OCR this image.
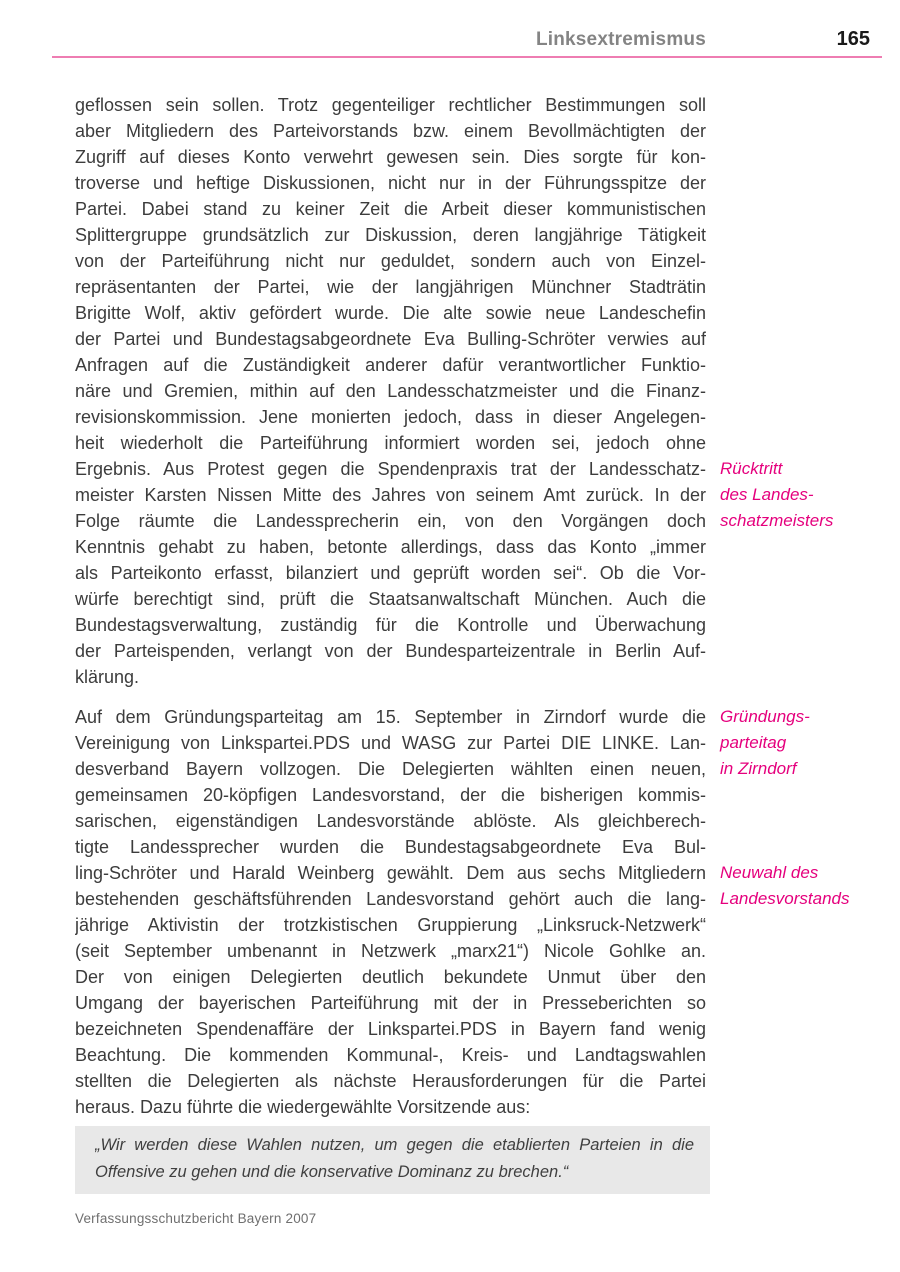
Linksextremismus	165
geflossen sein sollen. Trotz gegenteiliger rechtlicher Bestimmungen soll
aber Mitgliedern des Parteivorstands bzw. einem Bevollmächtigten der
Zugriff auf dieses Konto verwehrt gewesen sein. Dies sorgte für kon-
troverse und heftige Diskussionen, nicht nur in der Führungsspitze der
Partei. Dabei stand zu keiner Zeit die Arbeit dieser kommunistischen
Splittergruppe grundsätzlich zur Diskussion, deren langjährige Tätigkeit
von der Parteiführung nicht nur geduldet, sondern auch von Einzel-
repräsentanten der Partei, wie der langjährigen Münchner Stadträtin
Brigitte Wolf, aktiv gefördert wurde. Die alte sowie neue Landeschefin
der Partei und Bundestagsabgeordnete Eva Bulling-Schröter verwies auf
Anfragen auf die Zuständigkeit anderer dafür verantwortlicher Funktio-
näre und Gremien, mithin auf den Landesschatzmeister und die Finanz-
revisionskommission. Jene monierten jedoch, dass in dieser Angelegen-
heit wiederholt die Parteiführung informiert worden sei, jedoch ohne
Ergebnis. Aus Protest gegen die Spendenpraxis trat der Landesschatz-
meister Karsten Nissen Mitte des Jahres von seinem Amt zurück. In der
Folge räumte die Landessprecherin ein, von den Vorgängen doch
Kenntnis gehabt zu haben, betonte allerdings, dass das Konto „immer
als Parteikonto erfasst, bilanziert und geprüft worden sei“. Ob die Vor-
würfe berechtigt sind, prüft die Staatsanwaltschaft München. Auch die
Bundestagsverwaltung, zuständig für die Kontrolle und Überwachung
der Parteispenden, verlangt von der Bundesparteizentrale in Berlin Auf-
klärung.
Auf dem Gründungsparteitag am 15. September in Zirndorf wurde die
Vereinigung von Linkspartei.PDS und WASG zur Partei DIE LINKE. Lan-
desverband Bayern vollzogen. Die Delegierten wählten einen neuen,
gemeinsamen 20-köpfigen Landesvorstand, der die bisherigen kommis-
sarischen, eigenständigen Landesvorstände ablöste. Als gleichberech-
tigte Landessprecher wurden die Bundestagsabgeordnete Eva Bul-
ling-Schröter und Harald Weinberg gewählt. Dem aus sechs Mitgliedern
bestehenden geschäftsführenden Landesvorstand gehört auch die lang-
jährige Aktivistin der trotzkistischen Gruppierung „Linksruck-Netzwerk“
(seit September umbenannt in Netzwerk „marx21“) Nicole Gohlke an.
Der von einigen Delegierten deutlich bekundete Unmut über den
Umgang der bayerischen Parteiführung mit der in Presseberichten so
bezeichneten Spendenaffäre der Linkspartei.PDS in Bayern fand wenig
Beachtung. Die kommenden Kommunal-, Kreis- und Landtagswahlen
stellten die Delegierten als nächste Herausforderungen für die Partei
heraus. Dazu führte die wiedergewählte Vorsitzende aus:
„Wir werden diese Wahlen nutzen, um gegen die etablierten Parteien in die
Offensive zu gehen und die konservative Dominanz zu brechen.“
Rücktritt
des Landes-
schatzmeisters
Gründungs-
parteitag
in Zirndorf
Neuwahl des
Landesvorstands
Verfassungsschutzbericht Bayern 2007
